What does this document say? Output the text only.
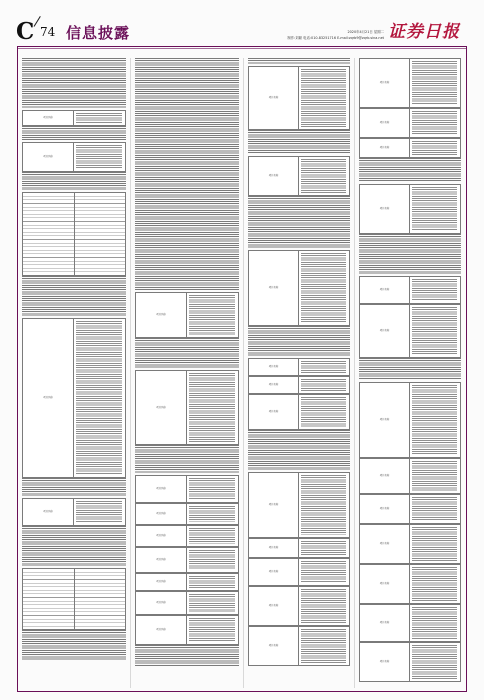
C 74 信息披露	2020年4月21日 星期二
制作:刘颖 电话:010-83251716 E-mail:zqrb9@zqrb.sina.net 证券日报
项目名称
项目名称
项目名称
项目名称
项目名称
项目名称
项目名称
项目名称
项目名称
项目名称
项目名称
项目名称
项目名称
项目名称
项目名称
项目名称
项目名称
项目名称
项目名称
项目名称
项目名称
项目名称
项目名称
项目名称
项目名称
项目名称
项目名称
项目名称
项目名称
项目名称
项目名称
项目名称
项目名称
项目名称
项目名称
项目名称
项目名称
